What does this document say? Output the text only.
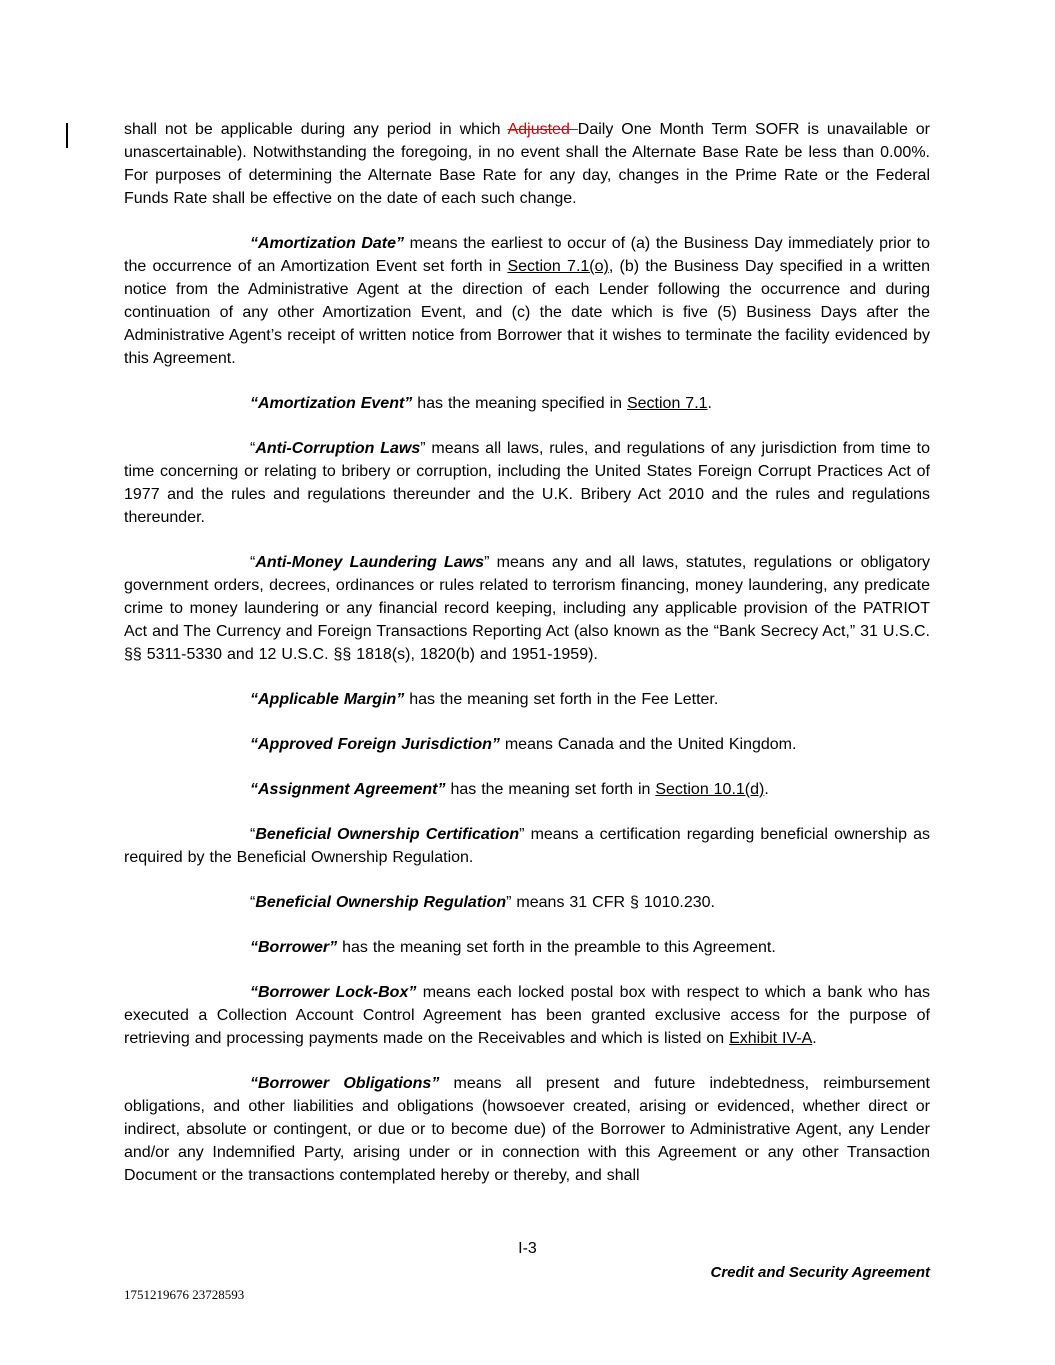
shall not be applicable during any period in which Adjusted Daily One Month Term SOFR is unavailable or unascertainable). Notwithstanding the foregoing, in no event shall the Alternate Base Rate be less than 0.00%. For purposes of determining the Alternate Base Rate for any day, changes in the Prime Rate or the Federal Funds Rate shall be effective on the date of each such change.

“Amortization Date” means the earliest to occur of (a) the Business Day immediately prior to the occurrence of an Amortization Event set forth in Section 7.1(o), (b) the Business Day specified in a written notice from the Administrative Agent at the direction of each Lender following the occurrence and during continuation of any other Amortization Event, and (c) the date which is five (5) Business Days after the Administrative Agent’s receipt of written notice from Borrower that it wishes to terminate the facility evidenced by this Agreement.

“Amortization Event” has the meaning specified in Section 7.1.

“Anti-Corruption Laws” means all laws, rules, and regulations of any jurisdiction from time to time concerning or relating to bribery or corruption, including the United States Foreign Corrupt Practices Act of 1977 and the rules and regulations thereunder and the U.K. Bribery Act 2010 and the rules and regulations thereunder.

“Anti-Money Laundering Laws” means any and all laws, statutes, regulations or obligatory government orders, decrees, ordinances or rules related to terrorism financing, money laundering, any predicate crime to money laundering or any financial record keeping, including any applicable provision of the PATRIOT Act and The Currency and Foreign Transactions Reporting Act (also known as the “Bank Secrecy Act,” 31 U.S.C. §§ 5311-5330 and 12 U.S.C. §§ 1818(s), 1820(b) and 1951-1959).

“Applicable Margin” has the meaning set forth in the Fee Letter.

“Approved Foreign Jurisdiction” means Canada and the United Kingdom.

“Assignment Agreement” has the meaning set forth in Section 10.1(d).

“Beneficial Ownership Certification” means a certification regarding beneficial ownership as required by the Beneficial Ownership Regulation.

“Beneficial Ownership Regulation” means 31 CFR § 1010.230.

“Borrower” has the meaning set forth in the preamble to this Agreement.

“Borrower Lock-Box” means each locked postal box with respect to which a bank who has executed a Collection Account Control Agreement has been granted exclusive access for the purpose of retrieving and processing payments made on the Receivables and which is listed on Exhibit IV-A.

“Borrower Obligations” means all present and future indebtedness, reimbursement obligations, and other liabilities and obligations (howsoever created, arising or evidenced, whether direct or indirect, absolute or contingent, or due or to become due) of the Borrower to Administrative Agent, any Lender and/or any Indemnified Party, arising under or in connection with this Agreement or any other Transaction Document or the transactions contemplated hereby or thereby, and shall

I-3
Credit and Security Agreement
1751219676 23728593
